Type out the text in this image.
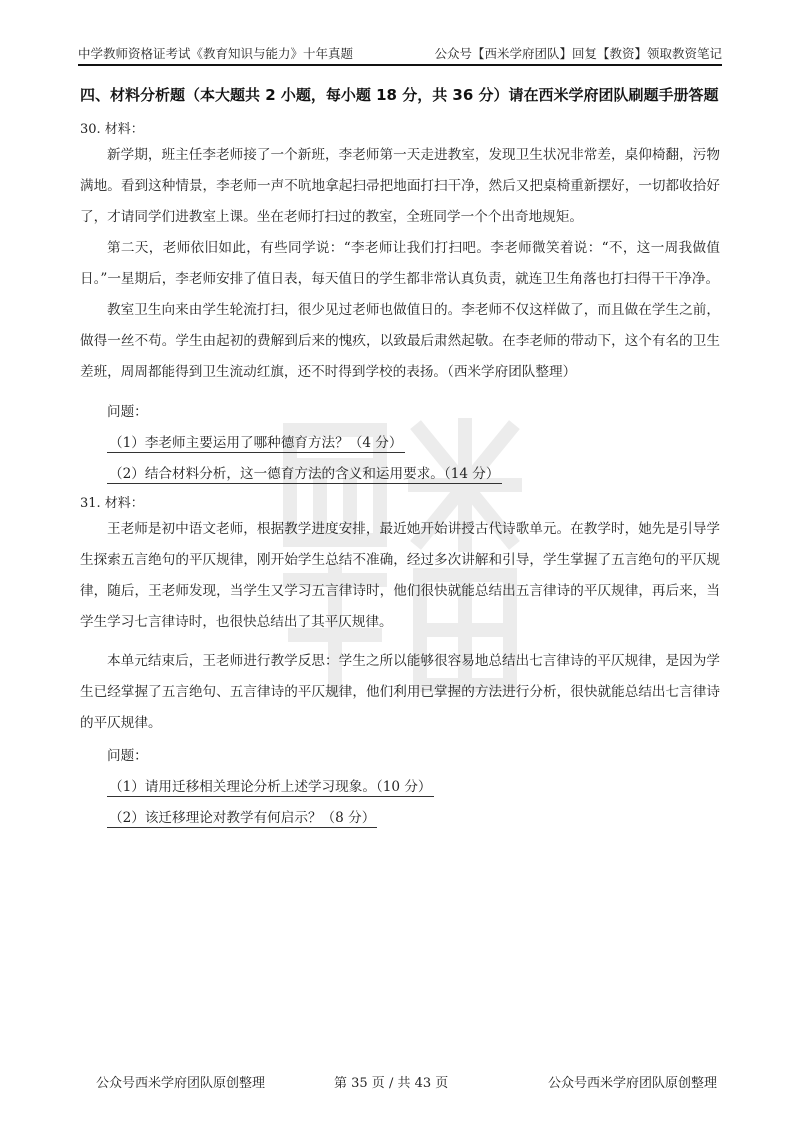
中学教师资格证考试《教育知识与能力》十年真题	公众号【西米学府团队】回复【教资】领取教资笔记
四、材料分析题（本大题共 2 小题，每小题 18 分，共 36 分）请在西米学府团队刷题手册答题
30. 材料：

新学期，班主任李老师接了一个新班，李老师第一天走进教室，发现卫生状况非常差，桌仰椅翻，污物满地。看到这种情景，李老师一声不吭地拿起扫帚把地面打扫干净，然后又把桌椅重新摆好，一切都收拾好了，才请同学们进教室上课。坐在老师打扫过的教室，全班同学一个个出奇地规矩。

第二天，老师依旧如此，有些同学说：“李老师让我们打扫吧。李老师微笑着说：“不，这一周我做值日。”一星期后，李老师安排了值日表，每天值日的学生都非常认真负责，就连卫生角落也打扫得干干净净。

教室卫生向来由学生轮流打扫，很少见过老师也做值日的。李老师不仅这样做了，而且做在学生之前，做得一丝不苟。学生由起初的费解到后来的愧疚，以致最后肃然起敬。在李老师的带动下，这个有名的卫生差班，周周都能得到卫生流动红旗，还不时得到学校的表扬。（西米学府团队整理）

问题：
（1）李老师主要运用了哪种德育方法？（4 分）
（2）结合材料分析，这一德育方法的含义和运用要求。（14 分）
31. 材料：

王老师是初中语文老师，根据教学进度安排，最近她开始讲授古代诗歌单元。在教学时，她先是引导学生探索五言绝句的平仄规律，刚开始学生总结不准确，经过多次讲解和引导，学生掌握了五言绝句的平仄规律，随后，王老师发现，当学生又学习五言律诗时，他们很快就能总结出五言律诗的平仄规律，再后来，当学生学习七言律诗时，也很快总结出了其平仄规律。

本单元结束后，王老师进行教学反思：学生之所以能够很容易地总结出七言律诗的平仄规律，是因为学生已经掌握了五言绝句、五言律诗的平仄规律，他们利用已掌握的方法进行分析，很快就能总结出七言律诗的平仄规律。

问题：
（1）请用迁移相关理论分析上述学习现象。（10 分）
（2）该迁移理论对教学有何启示？（8 分）
公众号西米学府团队原创整理	第 35 页 / 共 43 页	公众号西米学府团队原创整理
